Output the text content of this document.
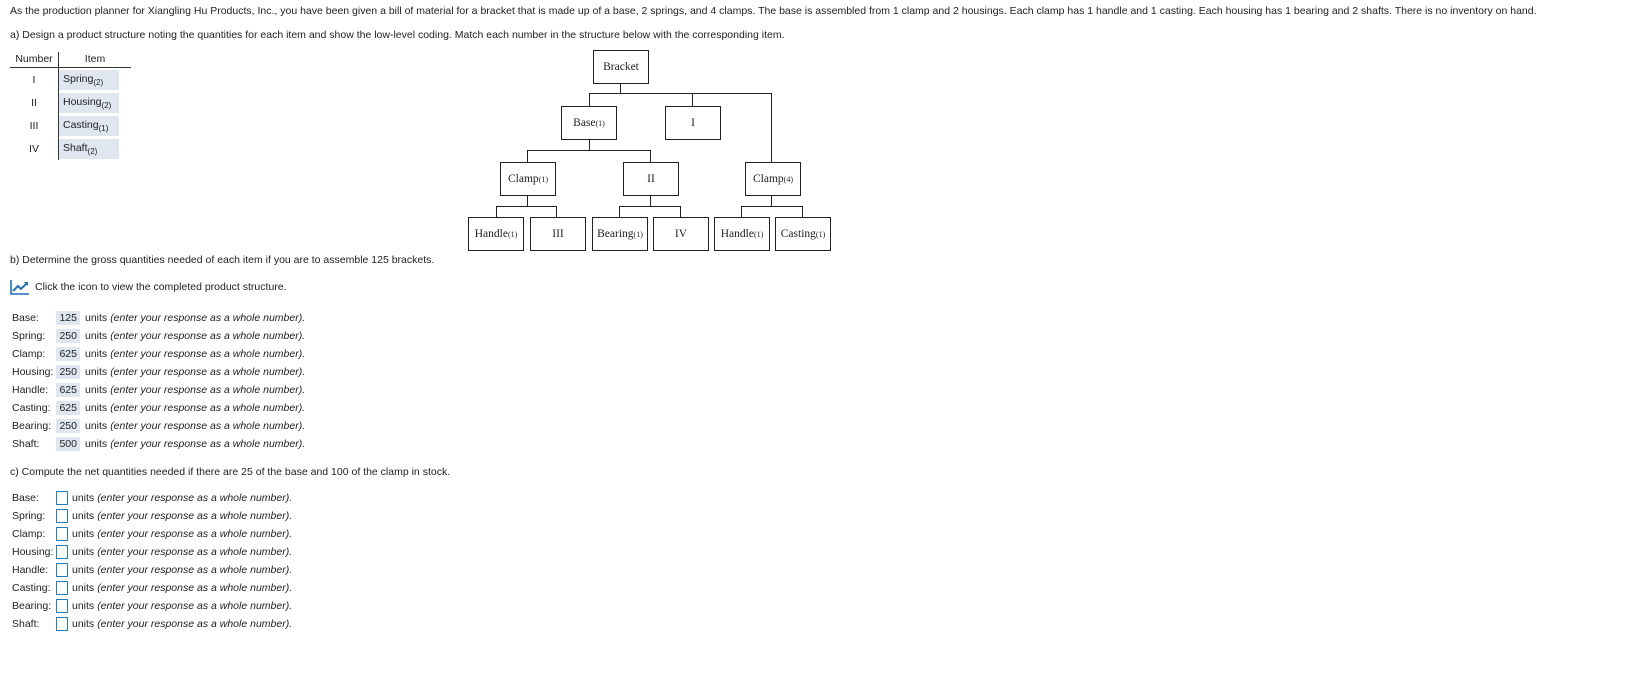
As the production planner for Xiangling Hu Products, Inc., you have been given a bill of material for a bracket that is made up of a base, 2 springs, and 4 clamps. The base is assembled from 1 clamp and 2 housings. Each clamp has 1 handle and 1 casting. Each housing has 1 bearing and 2 shafts. There is no inventory on hand.
a) Design a product structure noting the quantities for each item and show the low-level coding. Match each number in the structure below with the corresponding item.
Number	Item
I	Spring$_{(2)}$
II	Housing$_{(2)}$
III	Casting$_{(1)}$
IV	Shaft$_{(2)}$
Bracket
Base (1)	I
Clamp (1)	II	Clamp (4)
Handle (1)	III	Bearing (1)	IV	Handle (1) Casting (1)
b) Determine the gross quantities needed of each item if you are to assemble 125 brackets.
Click the icon to view the completed product structure.
Base:	125 units (enter your response as a whole number).
Spring:	250 units (enter your response as a whole number).
Clamp:	625 units (enter your response as a whole number).
Housing: 250 units (enter your response as a whole number).
Handle:	625 units (enter your response as a whole number).
Casting: 625 units (enter your response as a whole number).
Bearing: 250 units (enter your response as a whole number).
Shaft:	500 units (enter your response as a whole number).
c) Compute the net quantities needed if there are 25 of the base and 100 of the clamp in stock.
Base:	units (enter your response as a whole number).
Spring:	units (enter your response as a whole number).
Clamp:	units (enter your response as a whole number).
Housing: units (enter your response as a whole number).
Handle:	units (enter your response as a whole number).
Casting:	units (enter your response as a whole number).
Bearing:	units (enter your response as a whole number).
Shaft:	units (enter your response as a whole number).
